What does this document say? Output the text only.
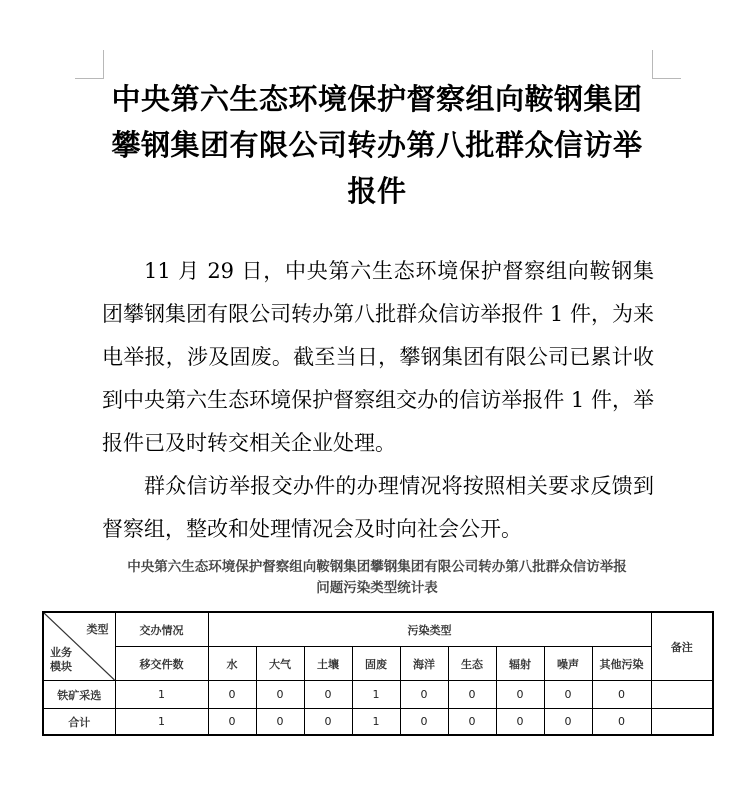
中央第六生态环境保护督察组向鞍钢集团
攀钢集团有限公司转办第八批群众信访举
报件

11 月 29 日，中央第六生态环境保护督察组向鞍钢集团攀钢集团有限公司转办第八批群众信访举报件 1 件，为来电举报，涉及固废。截至当日，攀钢集团有限公司已累计收到中央第六生态环境保护督察组交办的信访举报件 1 件，举报件已及时转交相关企业处理。

群众信访举报交办件的办理情况将按照相关要求反馈到督察组，整改和处理情况会及时向社会公开。

中央第六生态环境保护督察组向鞍钢集团攀钢集团有限公司转办第八批群众信访举报
问题污染类型统计表
类型
业务
模块	交办情况	污染类型									备注
	移交件数	水	大气	土壤	固废	海洋	生态	辐射	噪声	其他污染	
铁矿采选	1	0	0	0	1	0	0	0	0	0	
合计	1	0	0	0	1	0	0	0	0	0	
